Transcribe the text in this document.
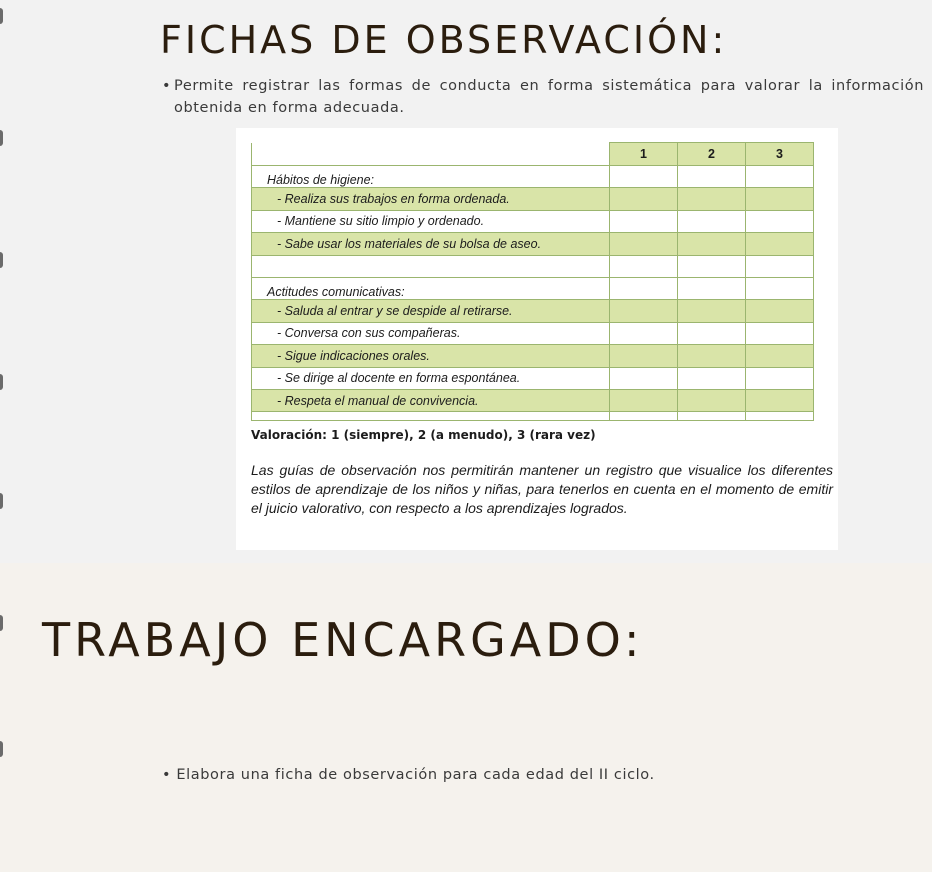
FICHAS DE OBSERVACIÓN:

• Permite registrar las formas de conducta en forma sistemática para valorar la información obtenida en forma adecuada.

	1	2	3
Hábitos de higiene:			
- Realiza sus trabajos en forma ordenada.			
- Mantiene su sitio limpio y ordenado.			
- Sabe usar los materiales de su bolsa de aseo.			

Actitudes comunicativas:			
- Saluda al entrar y se despide al retirarse.			
- Conversa con sus compañeras.			
- Sigue indicaciones orales.			
- Se dirige al docente en forma espontánea.			
- Respeta el manual de convivencia.			

Valoración: 1 (siempre), 2 (a menudo), 3 (rara vez)

Las guías de observación nos permitirán mantener un registro que visualice los diferentes estilos de aprendizaje de los niños y niñas, para tenerlos en cuenta en el momento de emitir el juicio valorativo, con respecto a los aprendizajes logrados.

TRABAJO ENCARGADO:

• Elabora una ficha de observación para cada edad del II ciclo.
